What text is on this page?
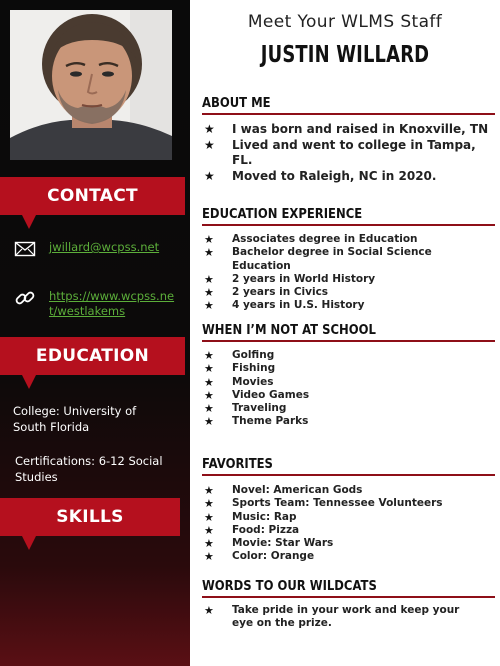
CONTACT
jwillard@wcpss.net
https://www.wcpss.ne
t/westlakems
EDUCATION
College: University of
South Florida
Certifications: 6-12 Social
Studies
SKILLS
Meet Your WLMS Staff
JUSTIN WILLARD
ABOUT ME
★ I was born and raised in Knoxville, TN
★ Lived and went to college in Tampa, FL.
★ Moved to Raleigh, NC in 2020.
EDUCATION EXPERIENCE
★ Associates degree in Education
★ Bachelor degree in Social Science Education
★ 2 years in World History
★ 2 years in Civics
★ 4 years in U.S. History
WHEN I’M NOT AT SCHOOL
★ Golfing
★ Fishing
★ Movies
★ Video Games
★ Traveling
★ Theme Parks
FAVORITES
★ Novel: American Gods
★ Sports Team: Tennessee Volunteers
★ Music: Rap
★ Food: Pizza
★ Movie: Star Wars
★ Color: Orange
WORDS TO OUR WILDCATS
★ Take pride in your work and keep your eye on the prize.
